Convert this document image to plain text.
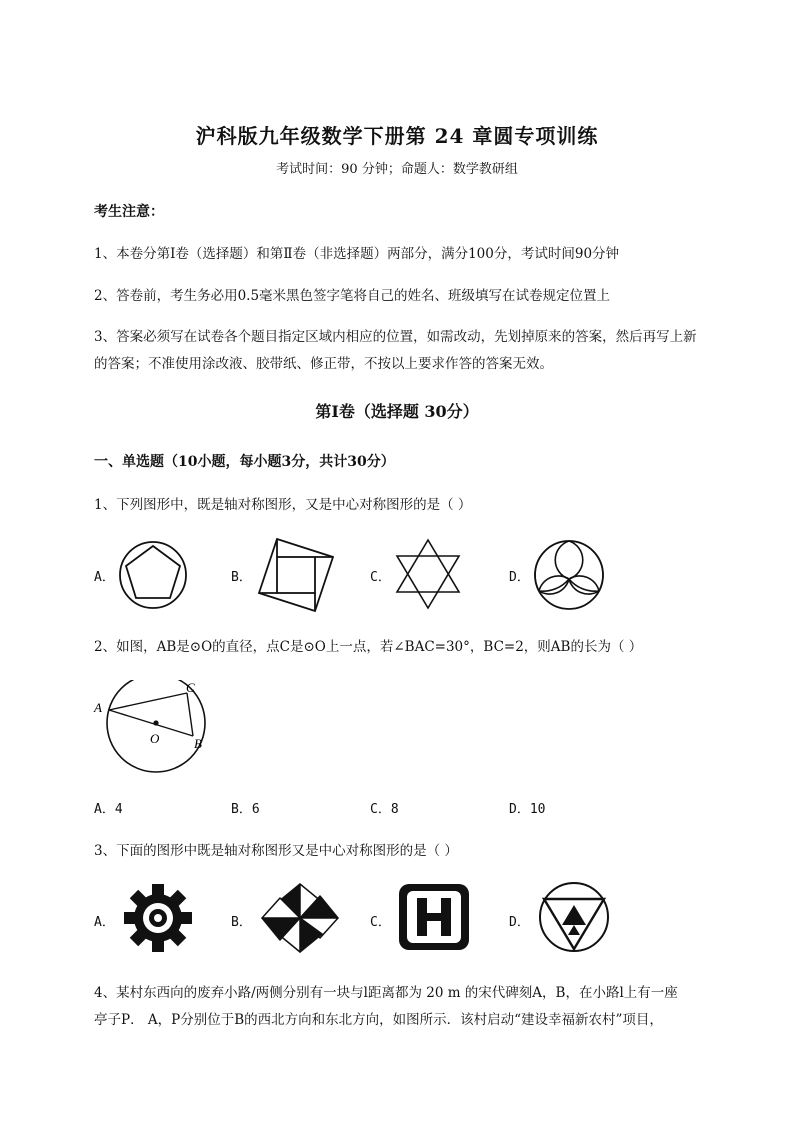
沪科版九年级数学下册第 24 章圆专项训练
考试时间：90 分钟；命题人：数学教研组
考生注意：
1、本卷分第Ⅰ卷（选择题）和第Ⅱ卷（非选择题）两部分，满分100分，考试时间90分钟
2、答卷前，考生务必用0.5毫米黑色签字笔将自己的姓名、班级填写在试卷规定位置上
3、答案必须写在试卷各个题目指定区域内相应的位置，如需改动，先划掉原来的答案，然后再写上新
的答案；不准使用涂改液、胶带纸、修正带，不按以上要求作答的答案无效。
第Ⅰ卷（选择题 30分）
一、单选题（10小题，每小题3分，共计30分）
1、下列图形中，既是轴对称图形，又是中心对称图形的是（ ）
A．	B．	C．	D．
2、如图，AB是⊙O的直径，点C是⊙O上一点，若∠BAC=30°，BC=2，则AB的长为（ ）
A
C
B
O
A．4	B．6	C．8	D．10
3、下面的图形中既是轴对称图形又是中心对称图形的是（ ）
A．	B．	C．	D．
4、某村东西向的废弃小路/两侧分别有一块与l距离都为 20 m 的宋代碑刻A，B，在小路l上有一座
亭子P． A，P分别位于B的西北方向和东北方向，如图所示．该村启动“建设幸福新农村”项目，
